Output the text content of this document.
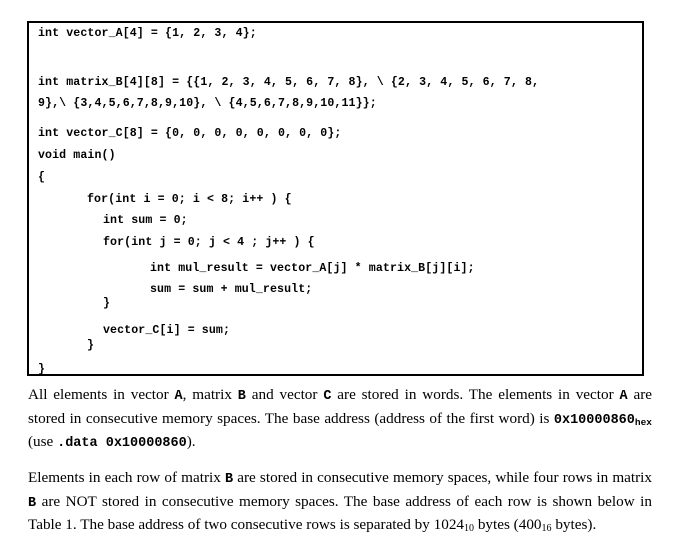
int vector_A[4] = {1, 2, 3, 4};
int matrix_B[4][8] = {{1, 2, 3, 4, 5, 6, 7, 8}, \ {2, 3, 4, 5, 6, 7, 8,
9},\ {3,4,5,6,7,8,9,10}, \ {4,5,6,7,8,9,10,11}};
int vector_C[8] = {0, 0, 0, 0, 0, 0, 0, 0};
void main()
{
for(int i = 0; i < 8; i++ ) {
int sum = 0;
for(int j = 0; j < 4 ; j++ ) {
int mul_result = vector_A[j] * matrix_B[j][i];
sum = sum + mul_result;
}
vector_C[i] = sum;
}
}

All elements in vector A, matrix B and vector C are stored in words. The elements in vector A are stored in consecutive memory spaces. The base address (address of the first word) is $0x10000860_{hex}$ (use .data 0x10000860).

Elements in each row of matrix B are stored in consecutive memory spaces, while four rows in matrix B are NOT stored in consecutive memory spaces. The base address of each row is shown below in Table 1. The base address of two consecutive rows is separated by $1024_{10}$ bytes ($400_{16}$ bytes).
